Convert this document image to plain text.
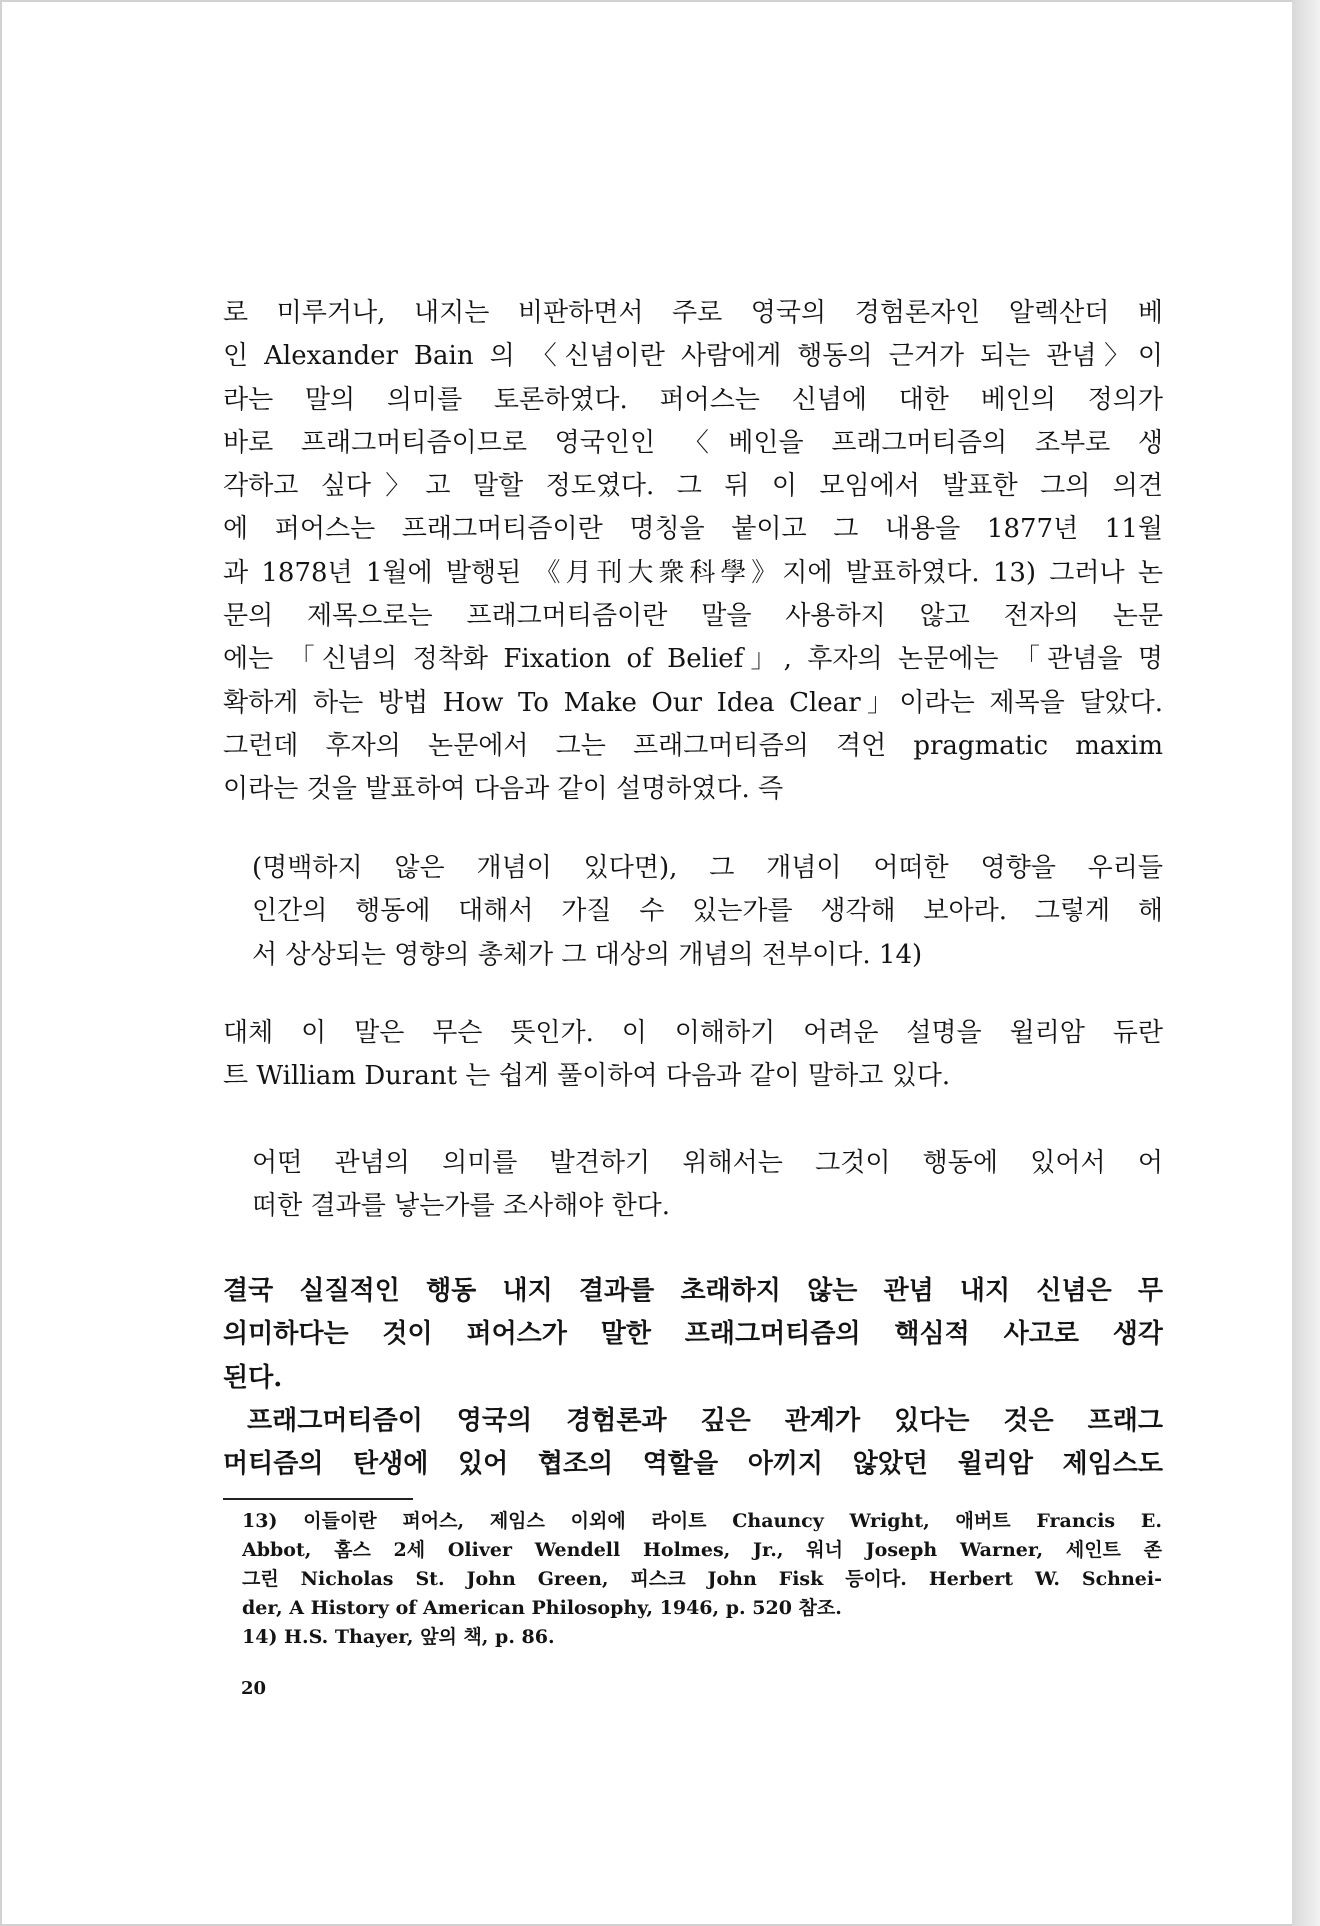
로 미루거나, 내지는 비판하면서 주로 영국의 경험론자인 알렉산더 베
인 Alexander Bain 의 〈신념이란 사람에게 행동의 근거가 되는 관념〉이
라는 말의 의미를 토론하였다. 퍼어스는 신념에 대한 베인의 정의가
바로 프래그머티즘이므로 영국인인 〈베인을 프래그머티즘의 조부로 생
각하고 싶다〉고 말할 정도였다. 그 뒤 이 모임에서 발표한 그의 의견
에 퍼어스는 프래그머티즘이란 명칭을 붙이고 그 내용을 1877년 11월
과 1878년 1월에 발행된 《月刊大衆科學》지에 발표하였다. 13) 그러나 논
문의 제목으로는 프래그머티즘이란 말을 사용하지 않고 전자의 논문
에는 「신념의 정착화 Fixation of Belief」, 후자의 논문에는 「관념을 명
확하게 하는 방법 How To Make Our Idea Clear」이라는 제목을 달았다.
그런데 후자의 논문에서 그는 프래그머티즘의 격언 pragmatic maxim
이라는 것을 발표하여 다음과 같이 설명하였다. 즉
(명백하지 않은 개념이 있다면), 그 개념이 어떠한 영향을 우리들
인간의 행동에 대해서 가질 수 있는가를 생각해 보아라. 그렇게 해
서 상상되는 영향의 총체가 그 대상의 개념의 전부이다. 14)
대체 이 말은 무슨 뜻인가. 이 이해하기 어려운 설명을 윌리암 듀란
트 William Durant 는 쉽게 풀이하여 다음과 같이 말하고 있다.
어떤 관념의 의미를 발견하기 위해서는 그것이 행동에 있어서 어
떠한 결과를 낳는가를 조사해야 한다.
결국 실질적인 행동 내지 결과를 초래하지 않는 관념 내지 신념은 무
의미하다는 것이 퍼어스가 말한 프래그머티즘의 핵심적 사고로 생각
된다.
프래그머티즘이 영국의 경험론과 깊은 관계가 있다는 것은 프래그
머티즘의 탄생에 있어 협조의 역할을 아끼지 않았던 윌리암 제임스도
13) 이들이란 퍼어스, 제임스 이외에 라이트 Chauncy Wright, 애버트 Francis E.
Abbot, 홈스 2세 Oliver Wendell Holmes, Jr., 워너 Joseph Warner, 세인트 존
그린 Nicholas St. John Green, 피스크 John Fisk 등이다. Herbert W. Schnei-
der, A History of American Philosophy, 1946, p. 520 참조.
14) H.S. Thayer, 앞의 책, p. 86.
20
